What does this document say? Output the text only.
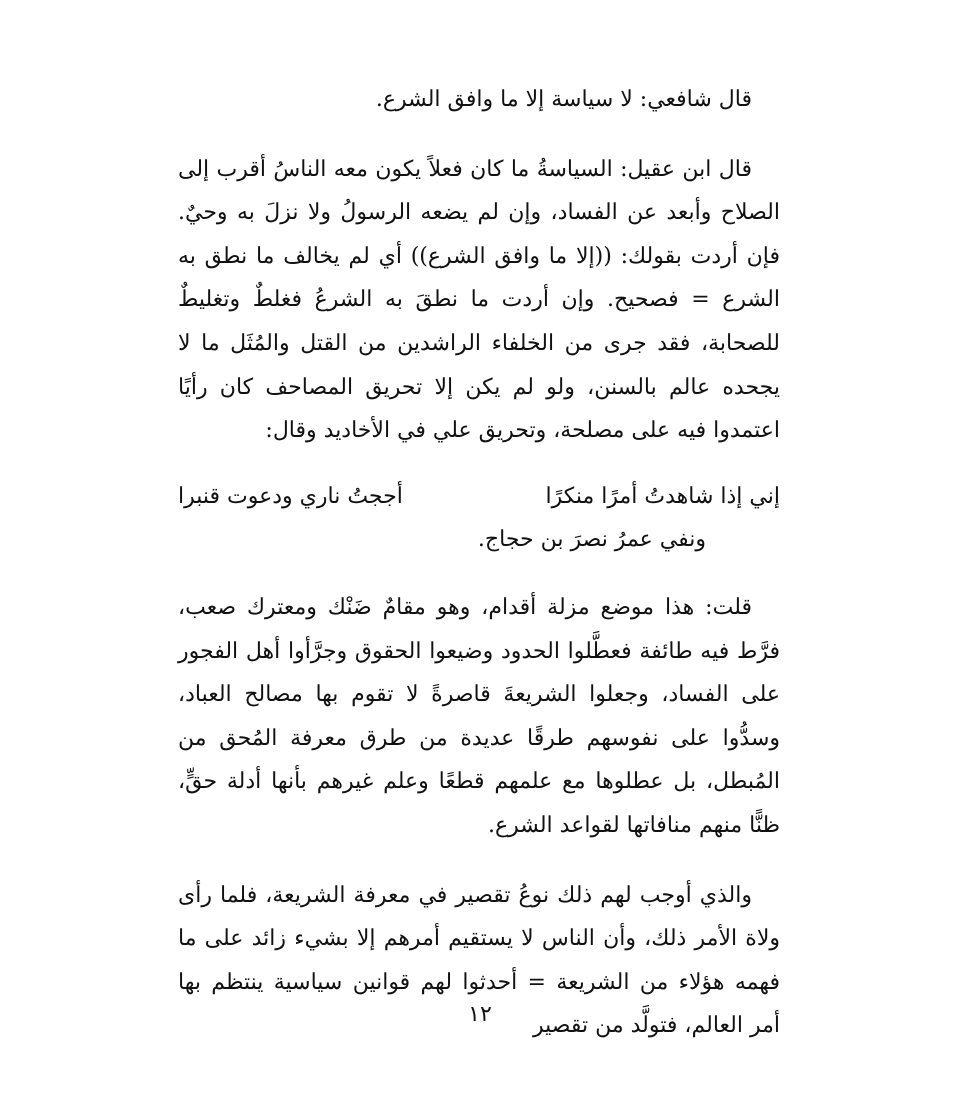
قال شافعي: لا سياسة إلا ما وافق الشرع.

قال ابن عقيل: السياسةُ ما كان فعلاً يكون معه الناسُ أقرب إلى الصلاح وأبعد عن الفساد، وإن لم يضعه الرسولُ ولا نزلَ به وحيٌ. فإن أردت بقولك: ((إلا ما وافق الشرع)) أي لم يخالف ما نطق به الشرع = فصحيح. وإن أردت ما نطقَ به الشرعُ فغلطٌ وتغليطٌ للصحابة، فقد جرى من الخلفاء الراشدين من القتل والمُثَل ما لا يجحده عالم بالسنن، ولو لم يكن إلا تحريق المصاحف كان رأيًا اعتمدوا فيه على مصلحة، وتحريق علي في الأخاديد وقال:

إني إذا شاهدتُ أمرًا منكرًا
أججتُ ناري ودعوت قنبرا

ونفي عمرُ نصرَ بن حجاج.

قلت: هذا موضع مزلة أقدام، وهو مقامٌ ضَنْك ومعترك صعب، فرَّط فيه طائفة فعطَّلوا الحدود وضيعوا الحقوق وجرَّأوا أهل الفجور على الفساد، وجعلوا الشريعةَ قاصرةً لا تقوم بها مصالح العباد، وسدُّوا على نفوسهم طرقًا عديدة من طرق معرفة المُحق من المُبطل، بل عطلوها مع علمهم قطعًا وعلم غيرهم بأنها أدلة حقٍّ، ظنًّا منهم منافاتها لقواعد الشرع.

والذي أوجب لهم ذلك نوعُ تقصير في معرفة الشريعة، فلما رأى ولاة الأمر ذلك، وأن الناس لا يستقيم أمرهم إلا بشيء زائد على ما فهمه هؤلاء من الشريعة = أحدثوا لهم قوانين سياسية ينتظم بها أمر العالم، فتولَّد من تقصير

١٢
